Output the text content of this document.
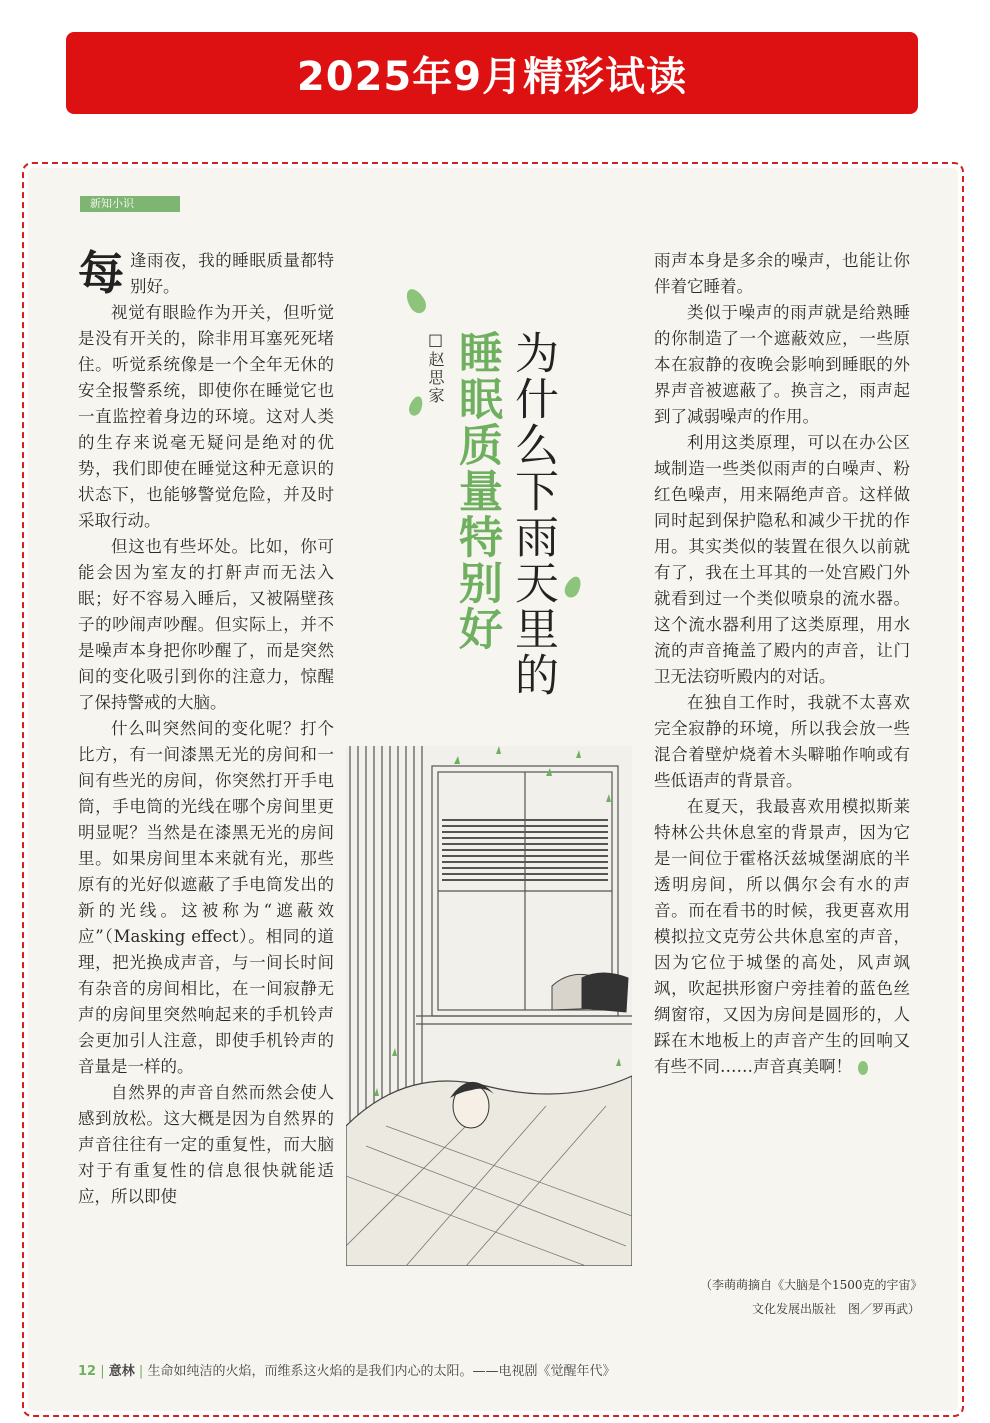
2025年9月精彩试读
新知小识	»

每逢雨夜，我的睡眠质量都特别好。

视觉有眼睑作为开关，但听觉是没有开关的，除非用耳塞死死堵住。听觉系统像是一个全年无休的安全报警系统，即使你在睡觉它也一直监控着身边的环境。这对人类的生存来说毫无疑问是绝对的优势，我们即使在睡觉这种无意识的状态下，也能够警觉危险，并及时采取行动。

但这也有些坏处。比如，你可能会因为室友的打鼾声而无法入眠；好不容易入睡后，又被隔壁孩子的吵闹声吵醒。但实际上，并不是噪声本身把你吵醒了，而是突然间的变化吸引到你的注意力，惊醒了保持警戒的大脑。

什么叫突然间的变化呢？打个比方，有一间漆黑无光的房间和一间有些光的房间，你突然打开手电筒，手电筒的光线在哪个房间里更明显呢？当然是在漆黑无光的房间里。如果房间里本来就有光，那些原有的光好似遮蔽了手电筒发出的新的光线。这被称为“遮蔽效应”（Masking effect）。相同的道理，把光换成声音，与一间长时间有杂音的房间相比，在一间寂静无声的房间里突然响起来的手机铃声会更加引人注意，即使手机铃声的音量是一样的。

自然界的声音自然而然会使人感到放松。这大概是因为自然界的声音往往有一定的重复性，而大脑对于有重复性的信息很快就能适应，所以即使

为什么下雨天里的
睡眠质量特别好
□赵思家

雨声本身是多余的噪声，也能让你伴着它睡着。

类似于噪声的雨声就是给熟睡的你制造了一个遮蔽效应，一些原本在寂静的夜晚会影响到睡眠的外界声音被遮蔽了。换言之，雨声起到了减弱噪声的作用。

利用这类原理，可以在办公区域制造一些类似雨声的白噪声、粉红色噪声，用来隔绝声音。这样做同时起到保护隐私和减少干扰的作用。其实类似的装置在很久以前就有了，我在土耳其的一处宫殿门外就看到过一个类似喷泉的流水器。这个流水器利用了这类原理，用水流的声音掩盖了殿内的声音，让门卫无法窃听殿内的对话。

在独自工作时，我就不太喜欢完全寂静的环境，所以我会放一些混合着壁炉烧着木头噼啪作响或有些低语声的背景音。

在夏天，我最喜欢用模拟斯莱特林公共休息室的背景声，因为它是一间位于霍格沃兹城堡湖底的半透明房间，所以偶尔会有水的声音。而在看书的时候，我更喜欢用模拟拉文克劳公共休息室的声音，因为它位于城堡的高处，风声飒飒，吹起拱形窗户旁挂着的蓝色丝绸窗帘，又因为房间是圆形的，人踩在木地板上的声音产生的回响又有些不同……声音真美啊！

（李萌萌摘自《大脑是个1500克的宇宙》
文化发展出版社　图／罗再武）
12 | 意林 | 生命如纯洁的火焰，而维系这火焰的是我们内心的太阳。——电视剧《觉醒年代》
